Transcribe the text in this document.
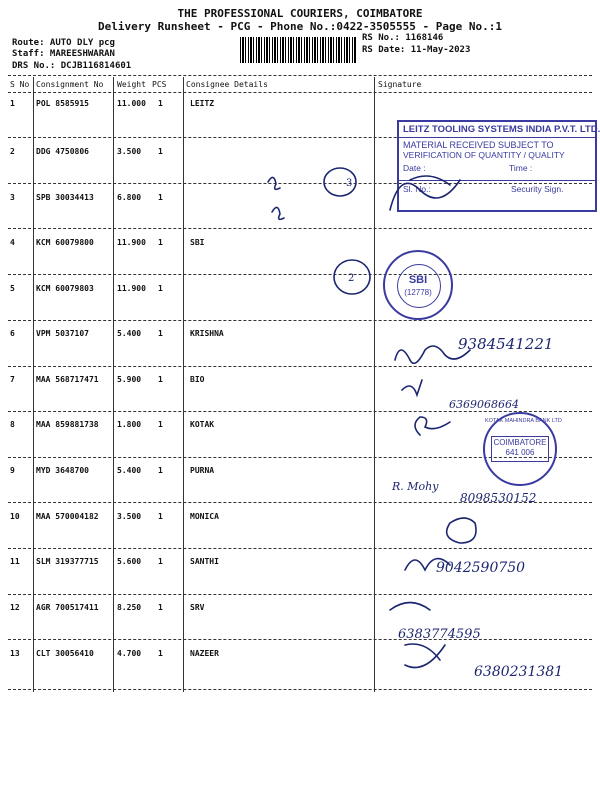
THE PROFESSIONAL COURIERS, COIMBATORE
Delivery Runsheet - PCG - Phone No.:0422-3505555 - Page No.:1
Route: AUTO DLY pcg
Staff: MAREESHWARAN
DRS No.: DCJB116814601
RS No.: 1168146
RS Date: 11-May-2023
S No Consignment No Weight PCS Consignee Details	Signature
1	POL 8585915	11.000 1	LEITZ
2	DDG 4750806	3.500 1
3	SPB 30034413	6.800 1
4	KCM 60079800	11.900 1	SBI
5	KCM 60079803	11.900 1
6	VPM 5037107	5.400 1	KRISHNA
7	MAA 568717471 5.900 1	BIO
8	MAA 859881738 1.800 1	KOTAK
9	MYD 3648700	5.400 1	PURNA
10 MAA 570004182 3.500 1	MONICA
11 SLM 319377715 5.600 1	SANTHI
12 AGR 700517411 8.250 1	SRV
13 CLT 30056410	4.700 1	NAZEER
LEITZ TOOLING SYSTEMS INDIA P.V.T. LTD.
MATERIAL RECEIVED SUBJECT TO
VERIFICATION OF QUANTITY / QUALITY
Date :	Time :
Sl. No.:	Security Sign.
SBI
(12778)
KOTAK MAHINDRA BANK LTD
COIMBATORE
641 006
3
2
9384541221
6369068664
R. Mohy
8098530152
9042590750
6383774595
6380231381
